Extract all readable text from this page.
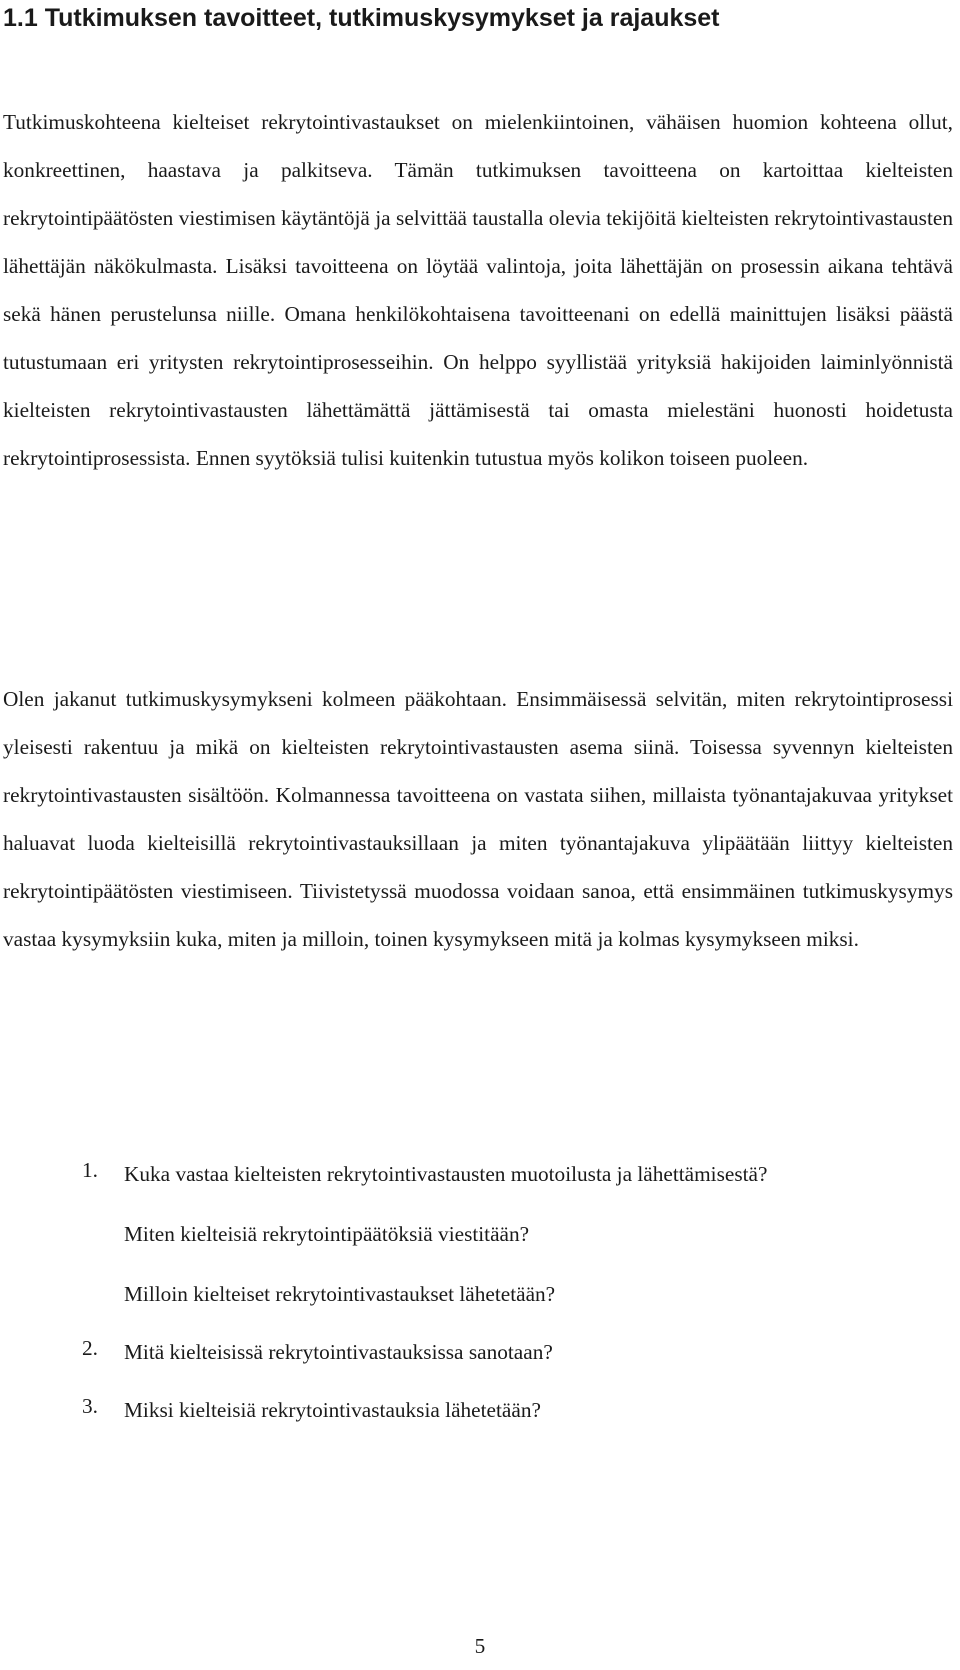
1.1 Tutkimuksen tavoitteet, tutkimuskysymykset ja rajaukset

Tutkimuskohteena kielteiset rekrytointivastaukset on mielenkiintoinen, vähäisen huomion kohteena ollut, konkreettinen, haastava ja palkitseva. Tämän tutkimuksen tavoitteena on kartoittaa kielteisten rekrytointipäätösten viestimisen käytäntöjä ja selvittää taustalla olevia tekijöitä kielteisten rekrytointivastausten lähettäjän näkökulmasta. Lisäksi tavoitteena on löytää valintoja, joita lähettäjän on prosessin aikana tehtävä sekä hänen perustelunsa niille. Omana henkilökohtaisena tavoitteenani on edellä mainittujen lisäksi päästä tutustumaan eri yritysten rekrytointiprosesseihin. On helppo syyllistää yrityksiä hakijoiden laiminlyönnistä kielteisten rekrytointivastausten lähettämättä jättämisestä tai omasta mielestäni huonosti hoidetusta rekrytointiprosessista. Ennen syytöksiä tulisi kuitenkin tutustua myös kolikon toiseen puoleen.

Olen jakanut tutkimuskysymykseni kolmeen pääkohtaan. Ensimmäisessä selvitän, miten rekrytointiprosessi yleisesti rakentuu ja mikä on kielteisten rekrytointivastausten asema siinä. Toisessa syvennyn kielteisten rekrytointivastausten sisältöön. Kolmannessa tavoitteena on vastata siihen, millaista työnantajakuvaa yritykset haluavat luoda kielteisillä rekrytointivastauksillaan ja miten työnantajakuva ylipäätään liittyy kielteisten rekrytointipäätösten viestimiseen. Tiivistetyssä muodossa voidaan sanoa, että ensimmäinen tutkimuskysymys vastaa kysymyksiin kuka, miten ja milloin, toinen kysymykseen mitä ja kolmas kysymykseen miksi.

1. Kuka vastaa kielteisten rekrytointivastausten muotoilusta ja lähettämisestä?
Miten kielteisiä rekrytointipäätöksiä viestitään?
Milloin kielteiset rekrytointivastaukset lähetetään?
2. Mitä kielteisissä rekrytointivastauksissa sanotaan?
3. Miksi kielteisiä rekrytointivastauksia lähetetään?
5
